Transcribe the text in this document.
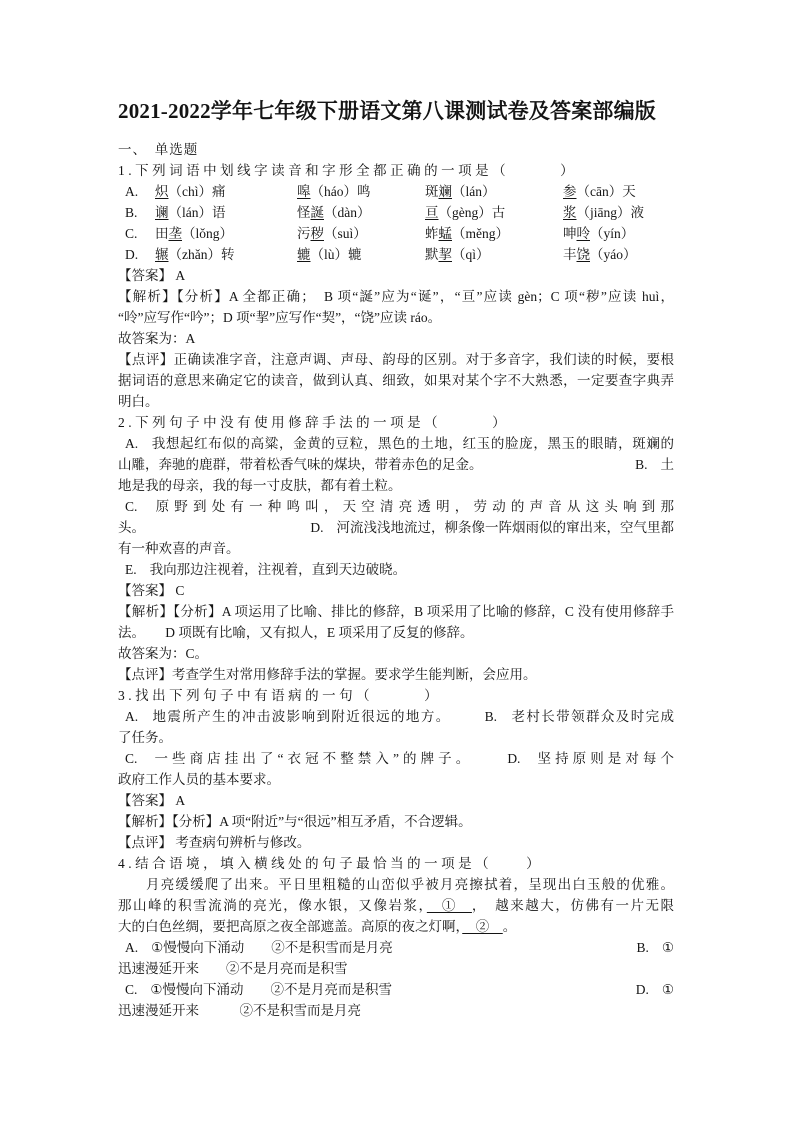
2021-2022学年七年级下册语文第八课测试卷及答案部编版
一、　单选题
1.下列词语中划线字读音和字形全都正确的一项是（　　　）
A. 炽（chì）痛	嗥（háo）鸣	斑斓（lán）	参（cān）天
B.	谰（lán）语	怪誕（dàn）	亘（gèng）古	浆（jiāng）液
C.	田垄（lǒng）	污秽（suì）	蚱蜢（měng）	呻呤（yín）
D. 辗（zhǎn）转	辘（lù）辘	默挈（qì）	丰饶（yáo）
【答案】 A
【解析】【分析】A 全都正确；　B 项“誕”应为“诞”，“亘”应读 gèn；C 项“秽”应读 huì，
“呤”应写作“吟”；D 项“挈”应写作“契”，“饶”应读 ráo。
故答案为：A
【点评】正确读准字音，注意声调、声母、韵母的区别。对于多音字，我们读的时候，要根
据词语的意思来确定它的读音，做到认真、细致，如果对某个字不大熟悉，一定要查字典弄
明白。
2.下列句子中没有使用修辞手法的一项是（　　　）
A. 我想起红布似的高粱，金黄的豆粒，黑色的土地，红玉的脸庞，黑玉的眼睛，斑斓的
山雕，奔驰的鹿群，带着松香气味的煤块，带着赤色的足金。	B. 土
地是我的母亲，我的每一寸皮肤，都有着土粒。
C. 原野到处有一种鸣叫，天空清亮透明，劳动的声音从这头响到那
头。	D. 河流浅浅地流过，柳条像一阵烟雨似的窜出来，空气里都
有一种欢喜的声音。
E. 我向那边注视着，注视着，直到天边破晓。
【答案】 C
【解析】【分析】A 项运用了比喻、排比的修辞，B 项采用了比喻的修辞，C 没有使用修辞手
法。　　D 项既有比喻，又有拟人，E 项采用了反复的修辞。
故答案为：C。
【点评】考查学生对常用修辞手法的掌握。要求学生能判断，会应用。
3.找出下列句子中有语病的一句（　　　）
A. 地震所产生的冲击波影响到附近很远的地方。	B. 老村长带领群众及时完成
了任务。
C. 一些商店挂出了“衣冠不整禁入”的牌子。	D. 坚持原则是对每个
政府工作人员的基本要求。
【答案】 A
【解析】【分析】A 项“附近”与“很远”相互矛盾，不合逻辑。
【点评】 考查病句辨析与修改。
4.结合语境，填入横线处的句子最恰当的一项是（　　）
月亮缓缓爬了出来。平日里粗糙的山峦似乎被月亮擦拭着，呈现出白玉般的优雅。
那山峰的积雪流淌的亮光，像水银，又像岩浆，　①　，　越来越大，仿佛有一片无限
大的白色丝绸，要把高原之夜全部遮盖。高原的夜之灯啊，　②　。
A. ①慢慢向下涌动　　②不是积雪而是月亮	B. ①
迅速漫延开来　　②不是月亮而是积雪
C. ①慢慢向下涌动　　②不是月亮而是积雪	D. ①
迅速漫延开来　　　②不是积雪而是月亮
